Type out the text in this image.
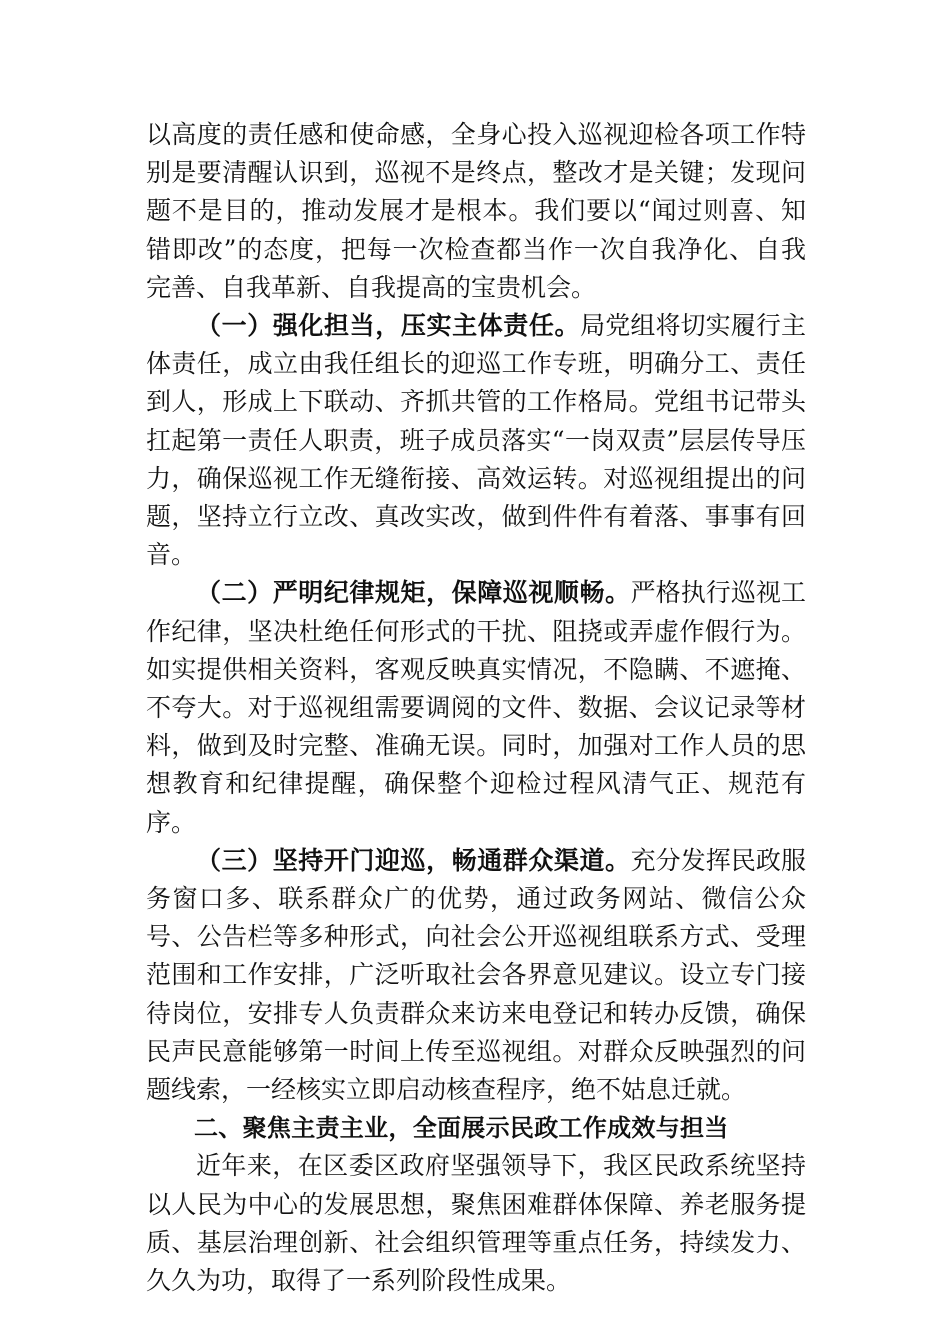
以高度的责任感和使命感，全身心投入巡视迎检各项工作特别是要清醒认识到，巡视不是终点，整改才是关键；发现问题不是目的，推动发展才是根本。我们要以“闻过则喜、知错即改”的态度，把每一次检查都当作一次自我净化、自我完善、自我革新、自我提高的宝贵机会。

（一）强化担当，压实主体责任。局党组将切实履行主体责任，成立由我任组长的迎巡工作专班，明确分工、责任到人，形成上下联动、齐抓共管的工作格局。党组书记带头扛起第一责任人职责，班子成员落实“一岗双责”层层传导压力，确保巡视工作无缝衔接、高效运转。对巡视组提出的问题，坚持立行立改、真改实改，做到件件有着落、事事有回音。

（二）严明纪律规矩，保障巡视顺畅。严格执行巡视工作纪律，坚决杜绝任何形式的干扰、阻挠或弄虚作假行为。如实提供相关资料，客观反映真实情况，不隐瞒、不遮掩、不夸大。对于巡视组需要调阅的文件、数据、会议记录等材料，做到及时完整、准确无误。同时，加强对工作人员的思想教育和纪律提醒，确保整个迎检过程风清气正、规范有序。

（三）坚持开门迎巡，畅通群众渠道。充分发挥民政服务窗口多、联系群众广的优势，通过政务网站、微信公众号、公告栏等多种形式，向社会公开巡视组联系方式、受理范围和工作安排，广泛听取社会各界意见建议。设立专门接待岗位，安排专人负责群众来访来电登记和转办反馈，确保民声民意能够第一时间上传至巡视组。对群众反映强烈的问题线索，一经核实立即启动核查程序，绝不姑息迁就。

二、聚焦主责主业，全面展示民政工作成效与担当

近年来，在区委区政府坚强领导下，我区民政系统坚持以人民为中心的发展思想，聚焦困难群体保障、养老服务提质、基层治理创新、社会组织管理等重点任务，持续发力、久久为功，取得了一系列阶段性成果。
